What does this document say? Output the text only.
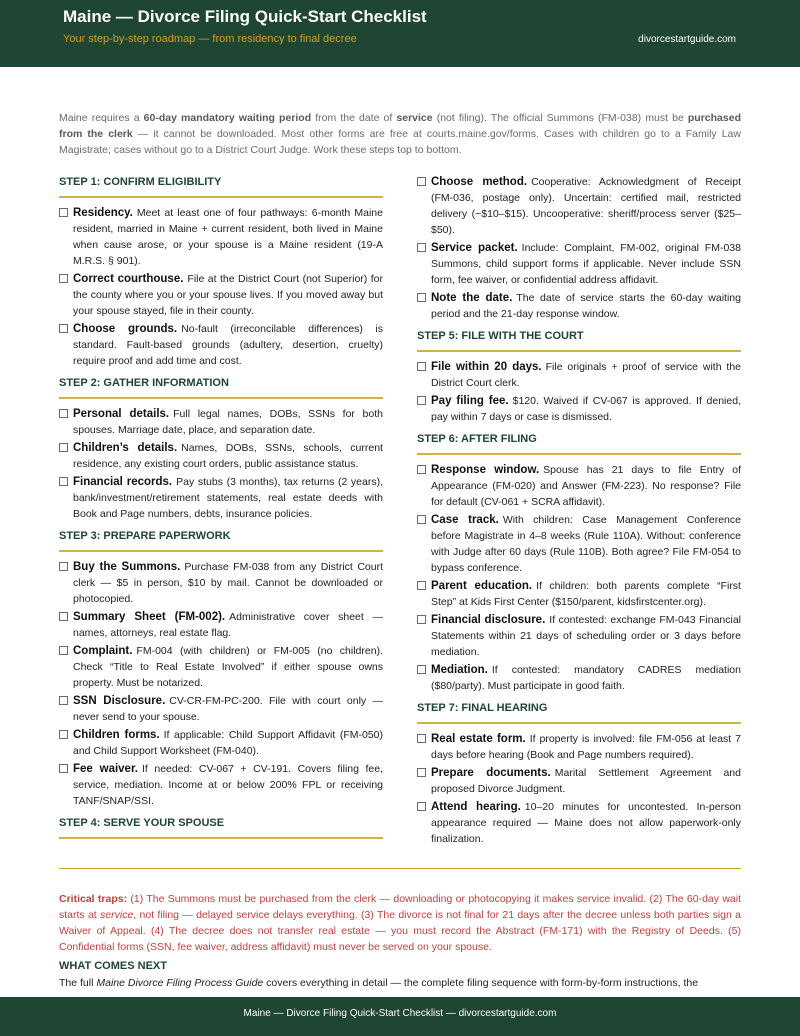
Maine — Divorce Filing Quick-Start Checklist
Your step-by-step roadmap — from residency to final decree	divorcestartguide.com
Maine requires a 60-day mandatory waiting period from the date of service (not filing). The official Summons (FM-038) must be purchased from the clerk — it cannot be downloaded. Most other forms are free at courts.maine.gov/forms. Cases with children go to a Family Law Magistrate; cases without go to a District Court Judge. Work these steps top to bottom.
STEP 1: CONFIRM ELIGIBILITY
Residency. Meet at least one of four pathways: 6-month Maine resident, married in Maine + current resident, both lived in Maine when cause arose, or your spouse is a Maine resident (19-A M.R.S. § 901).
Correct courthouse. File at the District Court (not Superior) for the county where you or your spouse lives. If you moved away but your spouse stayed, file in their county.
Choose grounds. No-fault (irreconcilable differences) is standard. Fault-based grounds (adultery, desertion, cruelty) require proof and add time and cost.
STEP 2: GATHER INFORMATION
Personal details. Full legal names, DOBs, SSNs for both spouses. Marriage date, place, and separation date.
Children’s details. Names, DOBs, SSNs, schools, current residence, any existing court orders, public assistance status.
Financial records. Pay stubs (3 months), tax returns (2 years), bank/investment/retirement statements, real estate deeds with Book and Page numbers, debts, insurance policies.
STEP 3: PREPARE PAPERWORK
Buy the Summons. Purchase FM-038 from any District Court clerk — $5 in person, $10 by mail. Cannot be downloaded or photocopied.
Summary Sheet (FM-002). Administrative cover sheet — names, attorneys, real estate flag.
Complaint. FM-004 (with children) or FM-005 (no children). Check “Title to Real Estate Involved” if either spouse owns property. Must be notarized.
SSN Disclosure. CV-CR-FM-PC-200. File with court only — never send to your spouse.
Children forms. If applicable: Child Support Affidavit (FM-050) and Child Support Worksheet (FM-040).
Fee waiver. If needed: CV-067 + CV-191. Covers filing fee, service, mediation. Income at or below 200% FPL or receiving TANF/SNAP/SSI.
STEP 4: SERVE YOUR SPOUSE
Choose method. Cooperative: Acknowledgment of Receipt (FM-036, postage only). Uncertain: certified mail, restricted delivery (~$10–$15). Uncooperative: sheriff/process server ($25–$50).
Service packet. Include: Complaint, FM-002, original FM-038 Summons, child support forms if applicable. Never include SSN form, fee waiver, or confidential address affidavit.
Note the date. The date of service starts the 60-day waiting period and the 21-day response window.
STEP 5: FILE WITH THE COURT
File within 20 days. File originals + proof of service with the District Court clerk.
Pay filing fee. $120. Waived if CV-067 is approved. If denied, pay within 7 days or case is dismissed.
STEP 6: AFTER FILING
Response window. Spouse has 21 days to file Entry of Appearance (FM-020) and Answer (FM-223). No response? File for default (CV-061 + SCRA affidavit).
Case track. With children: Case Management Conference before Magistrate in 4–8 weeks (Rule 110A). Without: conference with Judge after 60 days (Rule 110B). Both agree? File FM-054 to bypass conference.
Parent education. If children: both parents complete “First Step” at Kids First Center ($150/parent, kidsfirstcenter.org).
Financial disclosure. If contested: exchange FM-043 Financial Statements within 21 days of scheduling order or 3 days before mediation.
Mediation. If contested: mandatory CADRES mediation ($80/party). Must participate in good faith.
STEP 7: FINAL HEARING
Real estate form. If property is involved: file FM-056 at least 7 days before hearing (Book and Page numbers required).
Prepare documents. Marital Settlement Agreement and proposed Divorce Judgment.
Attend hearing. 10–20 minutes for uncontested. In-person appearance required — Maine does not allow paperwork-only finalization.
Critical traps: (1) The Summons must be purchased from the clerk — downloading or photocopying it makes service invalid. (2) The 60-day wait starts at service, not filing — delayed service delays everything. (3) The divorce is not final for 21 days after the decree unless both parties sign a Waiver of Appeal. (4) The decree does not transfer real estate — you must record the Abstract (FM-171) with the Registry of Deeds. (5) Confidential forms (SSN, fee waiver, address affidavit) must never be served on your spouse.
WHAT COMES NEXT
The full Maine Divorce Filing Process Guide covers everything in detail — the complete filing sequence with form-by-form instructions, the
Maine — Divorce Filing Quick-Start Checklist — divorcestartguide.com
